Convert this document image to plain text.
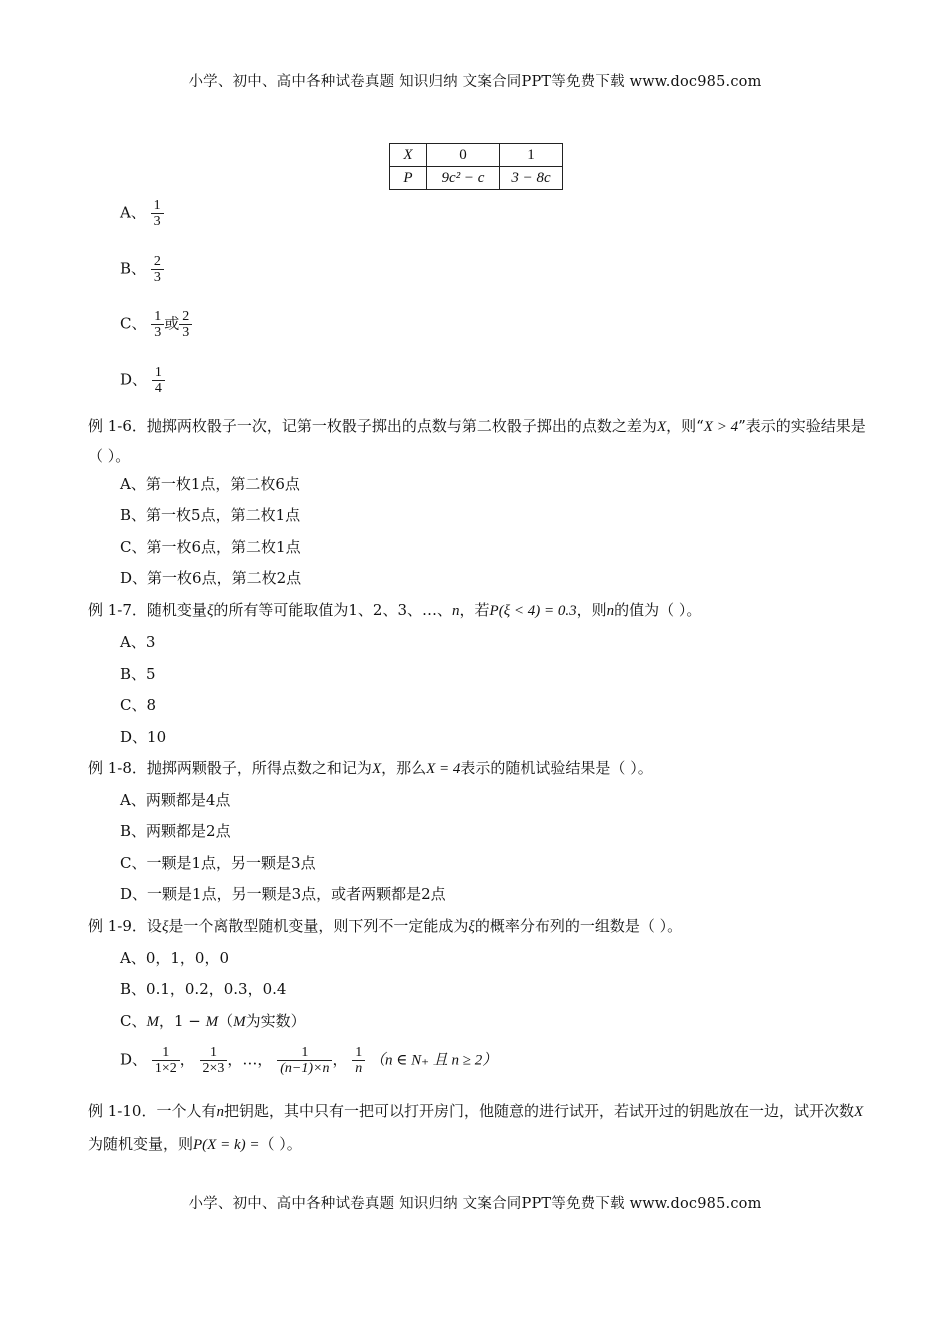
小学、初中、高中各种试卷真题 知识归纳 文案合同PPT等免费下载 www.doc985.com
X	0	1
P	9c² − c	3 − 8c
A、 $\frac{1}{3}$
B、 $\frac{2}{3}$
C、 $\frac{1}{3}$ 或 $\frac{2}{3}$
D、 $\frac{1}{4}$
例 1-6．抛掷两枚骰子一次，记第一枚骰子掷出的点数与第二枚骰子掷出的点数之差为X，则“X > 4”表示的实验结果是（ ）。
A、第一枚1点，第二枚6点
B、第一枚5点，第二枚1点
C、第一枚6点，第二枚1点
D、第一枚6点，第二枚2点
例 1-7．随机变量ξ的所有等可能取值为1、2、3、…、n，若P(ξ < 4) = 0.3，则n的值为（ ）。
A、3
B、5
C、8
D、10
例 1-8．抛掷两颗骰子，所得点数之和记为X，那么X = 4表示的随机试验结果是（ ）。
A、两颗都是4点
B、两颗都是2点
C、一颗是1点，另一颗是3点
D、一颗是1点，另一颗是3点，或者两颗都是2点
例 1-9．设ξ是一个离散型随机变量，则下列不一定能成为ξ的概率分布列的一组数是（ ）。
A、0，1，0，0
B、0.1，0.2，0.3，0.4
C、M，1 − M（M为实数）
D、 $\frac{1}{1\times 2}$ ， $\frac{1}{2\times 3}$ ，…， $\frac{1}{(n-1)\times n}$ ， $\frac{1}{n} (n$ ∈ N₊ 且 n ≥ 2）
例 1-10．一个人有n把钥匙，其中只有一把可以打开房门，他随意的进行试开，若试开过的钥匙放在一边，试开次数X为随机变量，则P(X = k) =（ ）。
小学、初中、高中各种试卷真题 知识归纳 文案合同PPT等免费下载 www.doc985.com
